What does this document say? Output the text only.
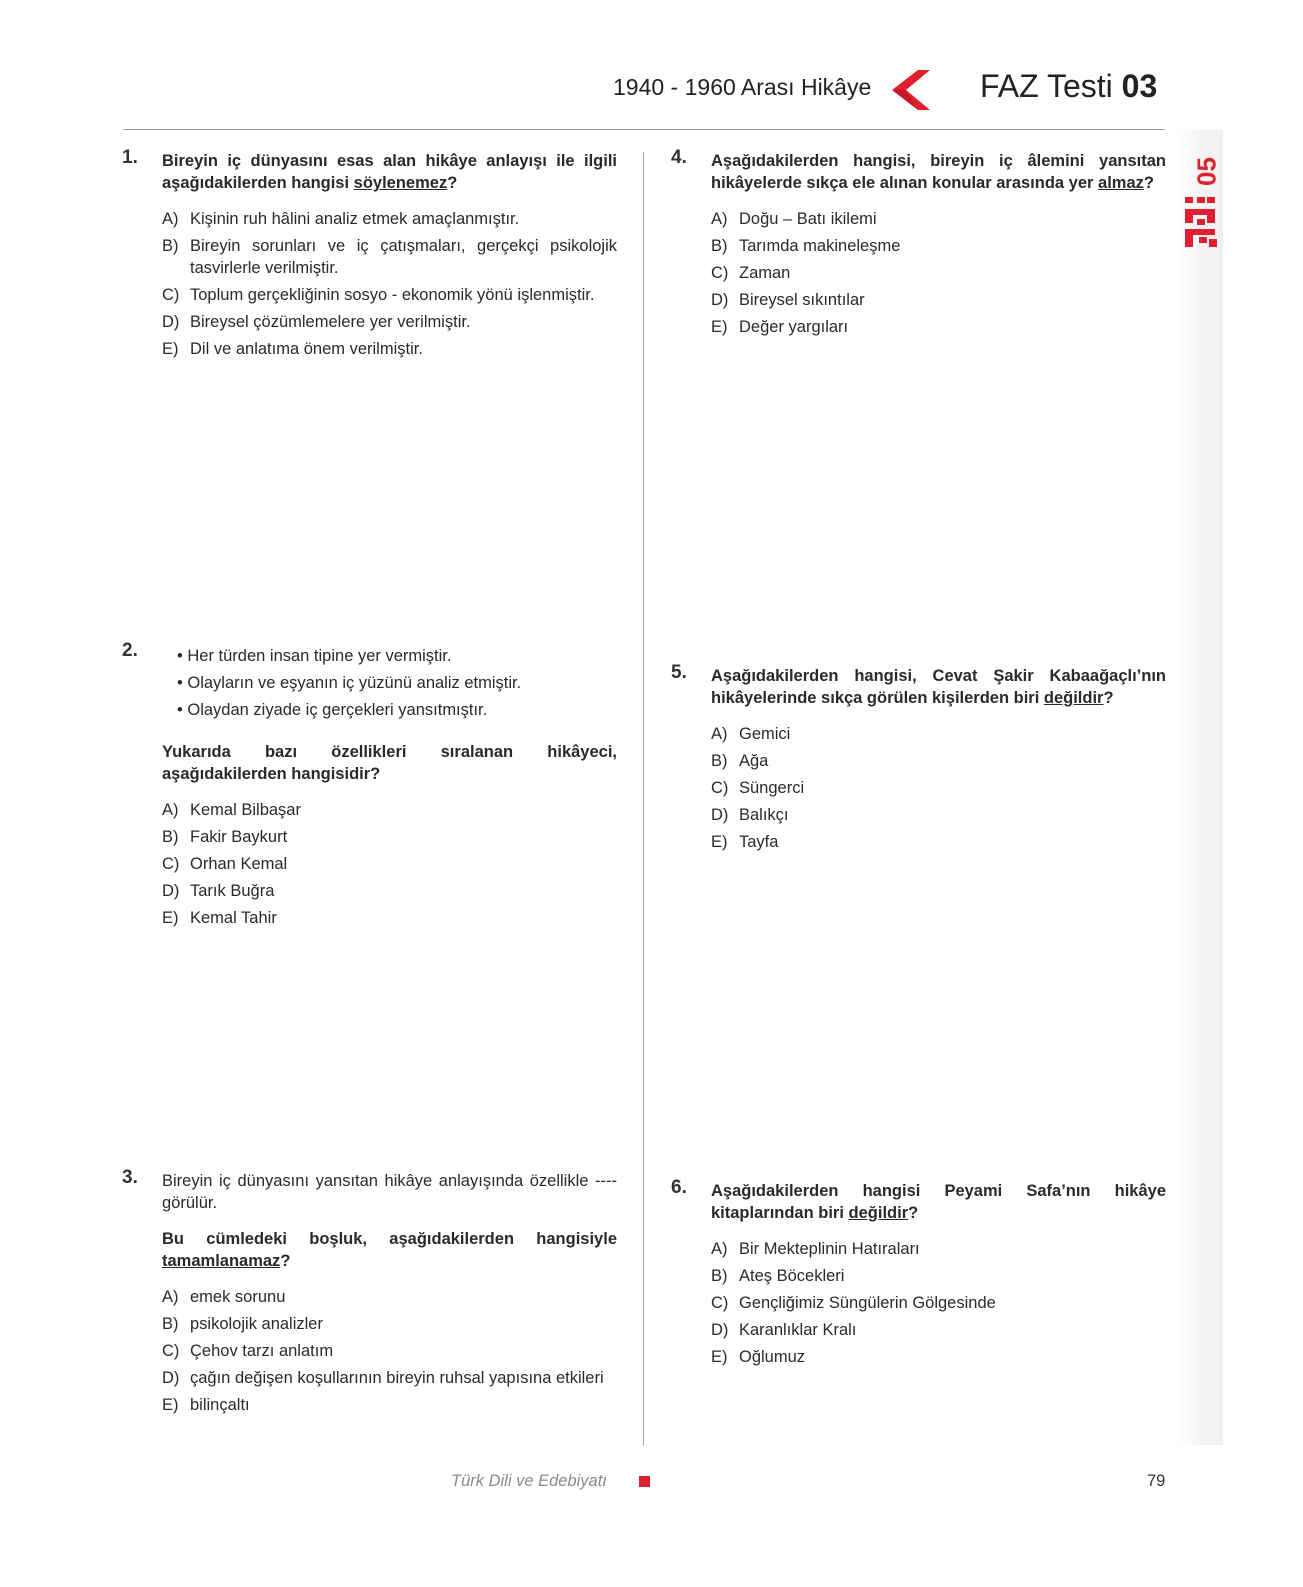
1940 - 1960 Arası Hikâye	FAZ Testi 03
05
1. Bireyin iç dünyasını esas alan hikâye anlayışı ile ilgili aşağıdakilerden hangisi söylenemez?
A) Kişinin ruh hâlini analiz etmek amaçlanmıştır.
B) Bireyin sorunları ve iç çatışmaları, gerçekçi psikolojik tasvirlerle verilmiştir.
C) Toplum gerçekliğinin sosyo - ekonomik yönü işlenmiştir.
D) Bireysel çözümlemelere yer verilmiştir.
E) Dil ve anlatıma önem verilmiştir.
2. • Her türden insan tipine yer vermiştir.
• Olayların ve eşyanın iç yüzünü analiz etmiştir.
• Olaydan ziyade iç gerçekleri yansıtmıştır.
Yukarıda bazı özellikleri sıralanan hikâyeci, aşağıdakilerden hangisidir?
A) Kemal Bilbaşar
B) Fakir Baykurt
C) Orhan Kemal
D) Tarık Buğra
E) Kemal Tahir
3. Bireyin iç dünyasını yansıtan hikâye anlayışında özellikle ---- görülür.
Bu cümledeki boşluk, aşağıdakilerden hangisiyle tamamlanamaz?
A) emek sorunu
B) psikolojik analizler
C) Çehov tarzı anlatım
D) çağın değişen koşullarının bireyin ruhsal yapısına etkileri
E) bilinçaltı
4. Aşağıdakilerden hangisi, bireyin iç âlemini yansıtan hikâyelerde sıkça ele alınan konular arasında yer almaz?
A) Doğu – Batı ikilemi
B) Tarımda makineleşme
C) Zaman
D) Bireysel sıkıntılar
E) Değer yargıları
5. Aşağıdakilerden hangisi, Cevat Şakir Kabaağaçlı’nın hikâyelerinde sıkça görülen kişilerden biri değildir?
A) Gemici
B) Ağa
C) Süngerci
D) Balıkçı
E) Tayfa
6. Aşağıdakilerden hangisi Peyami Safa’nın hikâye kitaplarından biri değildir?
A) Bir Mekteplinin Hatıraları
B) Ateş Böcekleri
C) Gençliğimiz Süngülerin Gölgesinde
D) Karanlıklar Kralı
E) Oğlumuz
Türk Dili ve Edebiyatı	79
